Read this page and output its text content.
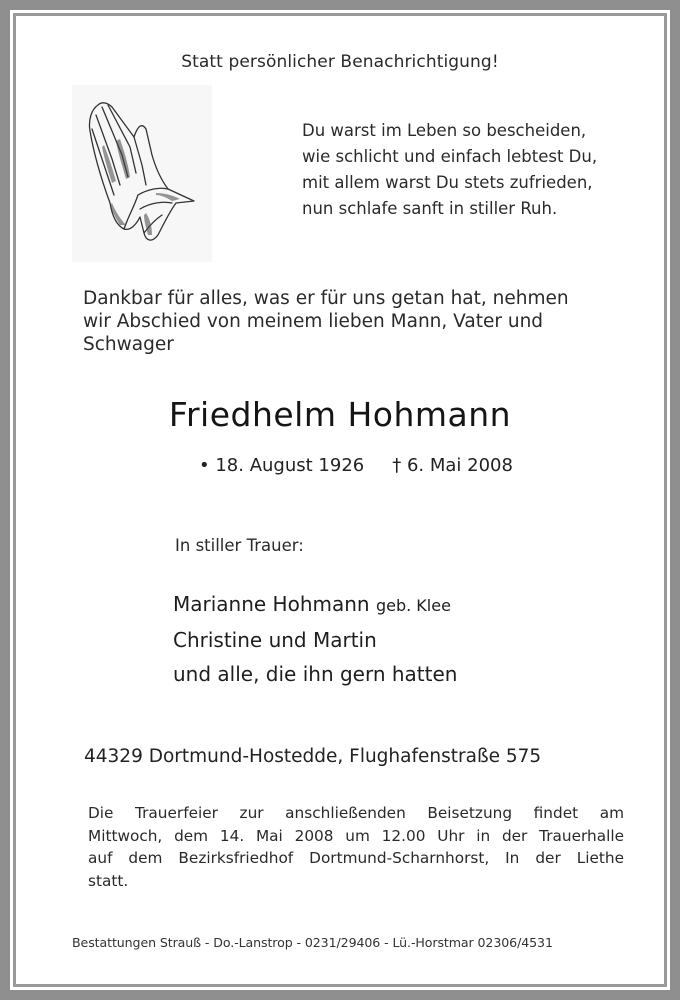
Statt persönlicher Benachrichtigung!
Du warst im Leben so bescheiden,
wie schlicht und einfach lebtest Du,
mit allem warst Du stets zufrieden,
nun schlafe sanft in stiller Ruh.
Dankbar für alles, was er für uns getan hat, nehmen
wir Abschied von meinem lieben Mann, Vater und
Schwager
Friedhelm Hohmann
• 18. August 1926 † 6. Mai 2008
In stiller Trauer:
Marianne Hohmann geb. Klee
Christine und Martin
und alle, die ihn gern hatten
44329 Dortmund-Hostedde, Flughafenstraße 575
Die Trauerfeier zur anschließenden Beisetzung findet am
Mittwoch, dem 14. Mai 2008 um 12.00 Uhr in der Trauerhalle
auf dem Bezirksfriedhof Dortmund-Scharnhorst, In der Liethe
statt.
Bestattungen Strauß - Do.-Lanstrop - 0231/29406 - Lü.-Horstmar 02306/4531
